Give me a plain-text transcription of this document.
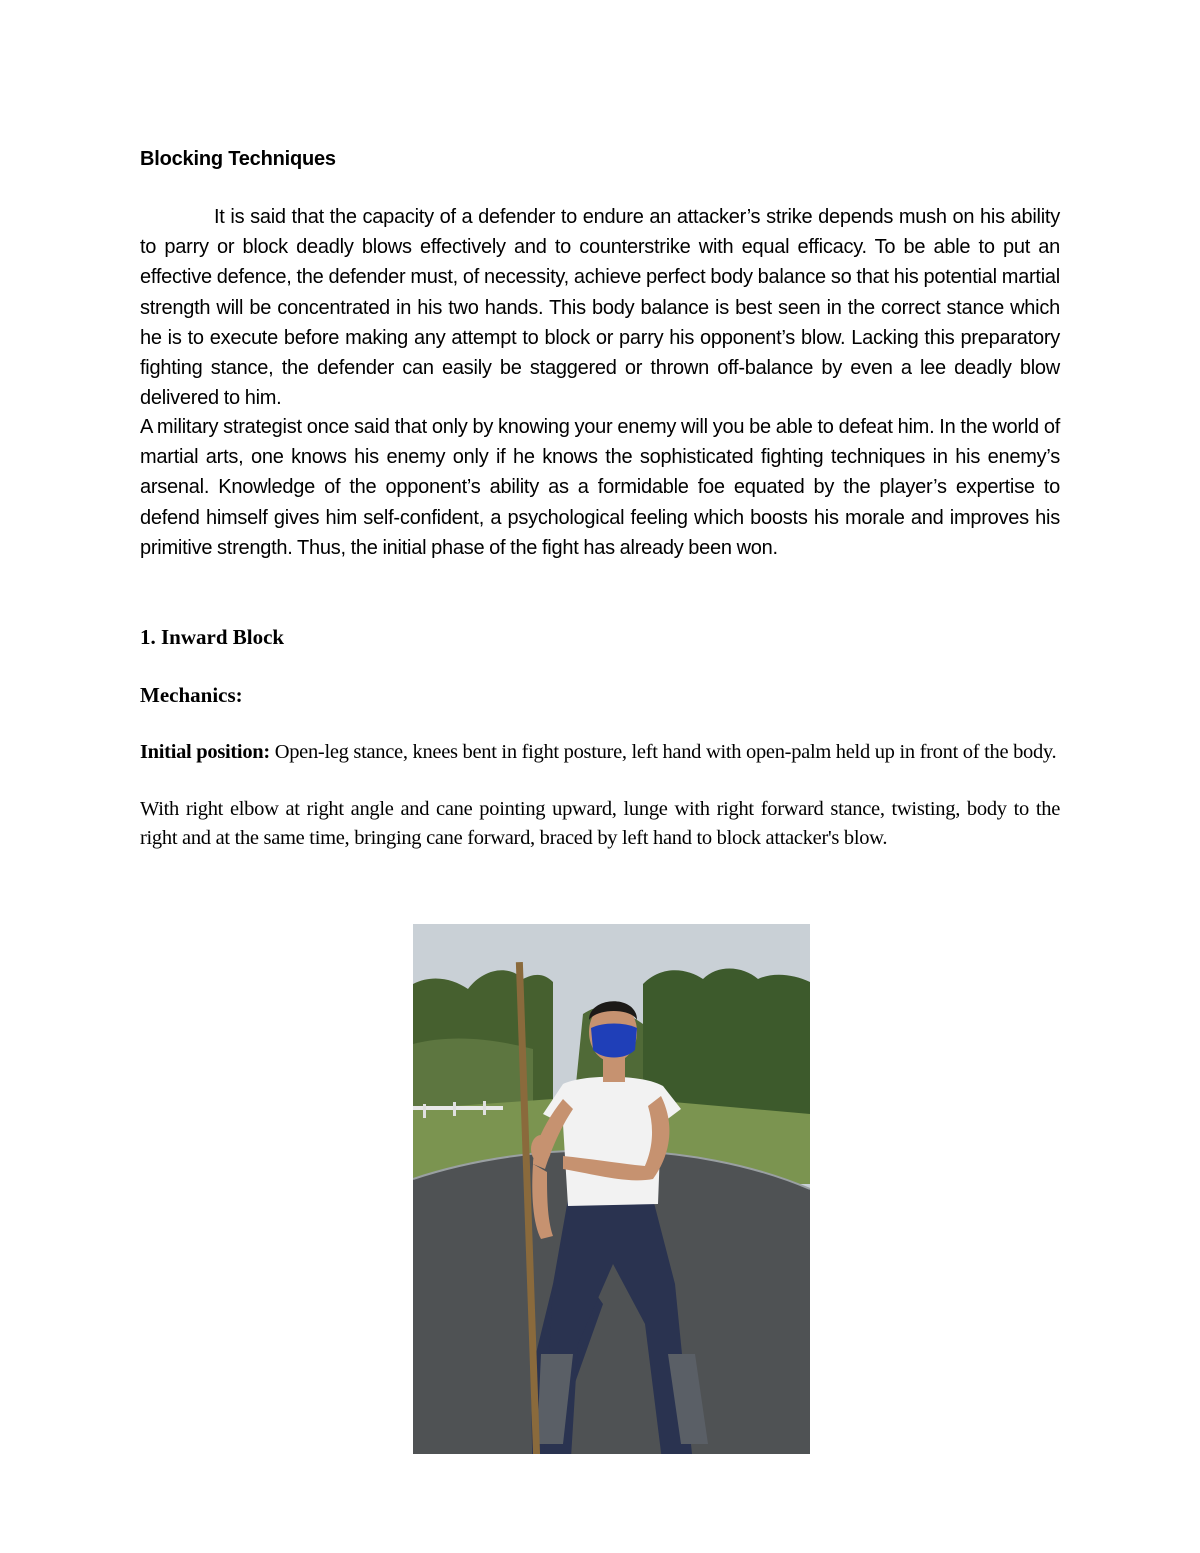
Blocking Techniques

It is said that the capacity of a defender to endure an attacker’s strike depends mush on his ability to parry or block deadly blows effectively and to counterstrike with equal efficacy. To be able to put an effective defence, the defender must, of necessity, achieve perfect body balance so that his potential martial strength will be concentrated in his two hands. This body balance is best seen in the correct stance which he is to execute before making any attempt to block or parry his opponent’s blow. Lacking this preparatory fighting stance, the defender can easily be staggered or thrown off-balance by even a lee deadly blow delivered to him.

A military strategist once said that only by knowing your enemy will you be able to defeat him. In the world of martial arts, one knows his enemy only if he knows the sophisticated fighting techniques in his enemy’s arsenal. Knowledge of the opponent’s ability as a formidable foe equated by the player’s expertise to defend himself gives him self-confident, a psychological feeling which boosts his morale and improves his primitive strength. Thus, the initial phase of the fight has already been won.

1. Inward Block
Mechanics:

Initial position: Open-leg stance, knees bent in fight posture, left hand with open-palm held up in front of the body.

With right elbow at right angle and cane pointing upward, lunge with right forward stance, twisting, body to the right and at the same time, bringing cane forward, braced by left hand to block attacker's blow.
